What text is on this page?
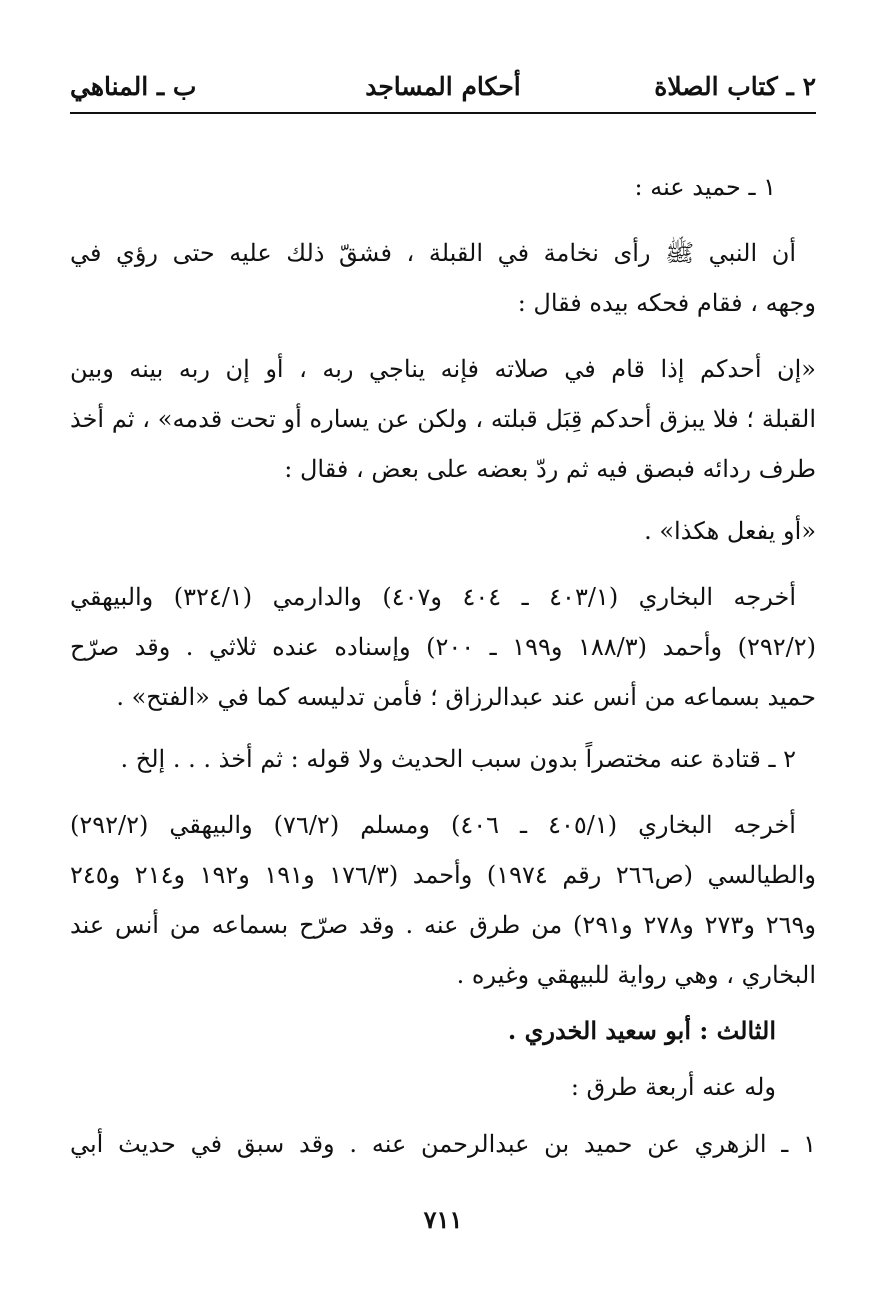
٢ ـ كتاب الصلاة
أحكام المساجد
ب ـ المناهي
١ ـ حميد عنه :
أن النبي ﷺ رأى نخامة في القبلة ، فشقّ ذلك عليه حتى رؤي في
وجهه ، فقام فحكه بيده فقال :
«إن أحدكم إذا قام في صلاته فإنه يناجي ربه ، أو إن ربه بينه وبين
القبلة ؛ فلا يبزق أحدكم قِبَل قبلته ، ولكن عن يساره أو تحت قدمه» ، ثم أخذ
طرف ردائه فبصق فيه ثم ردّ بعضه على بعض ، فقال :
«أو يفعل هكذا» .
أخرجه البخاري (٤٠٣/١ ـ ٤٠٤ و٤٠٧) والدارمي (٣٢٤/١) والبيهقي
(٢٩٢/٢) وأحمد (١٨٨/٣ و١٩٩ ـ ٢٠٠) وإسناده عنده ثلاثي . وقد صرّح
حميد بسماعه من أنس عند عبدالرزاق ؛ فأمن تدليسه كما في «الفتح» .
٢ ـ قتادة عنه مختصراً بدون سبب الحديث ولا قوله : ثم أخذ . . . إلخ .
أخرجه البخاري (٤٠٥/١ ـ ٤٠٦) ومسلم (٧٦/٢) والبيهقي (٢٩٢/٢)
والطيالسي (ص٢٦٦ رقم ١٩٧٤) وأحمد (١٧٦/٣ و١٩١ و١٩٢ و٢١٤ و٢٤٥
و٢٦٩ و٢٧٣ و٢٧٨ و٢٩١) من طرق عنه . وقد صرّح بسماعه من أنس عند
البخاري ، وهي رواية للبيهقي وغيره .
الثالث : أبو سعيد الخدري .
وله عنه أربعة طرق :
١ ـ الزهري عن حميد بن عبدالرحمن عنه . وقد سبق في حديث أبي
٧١١
